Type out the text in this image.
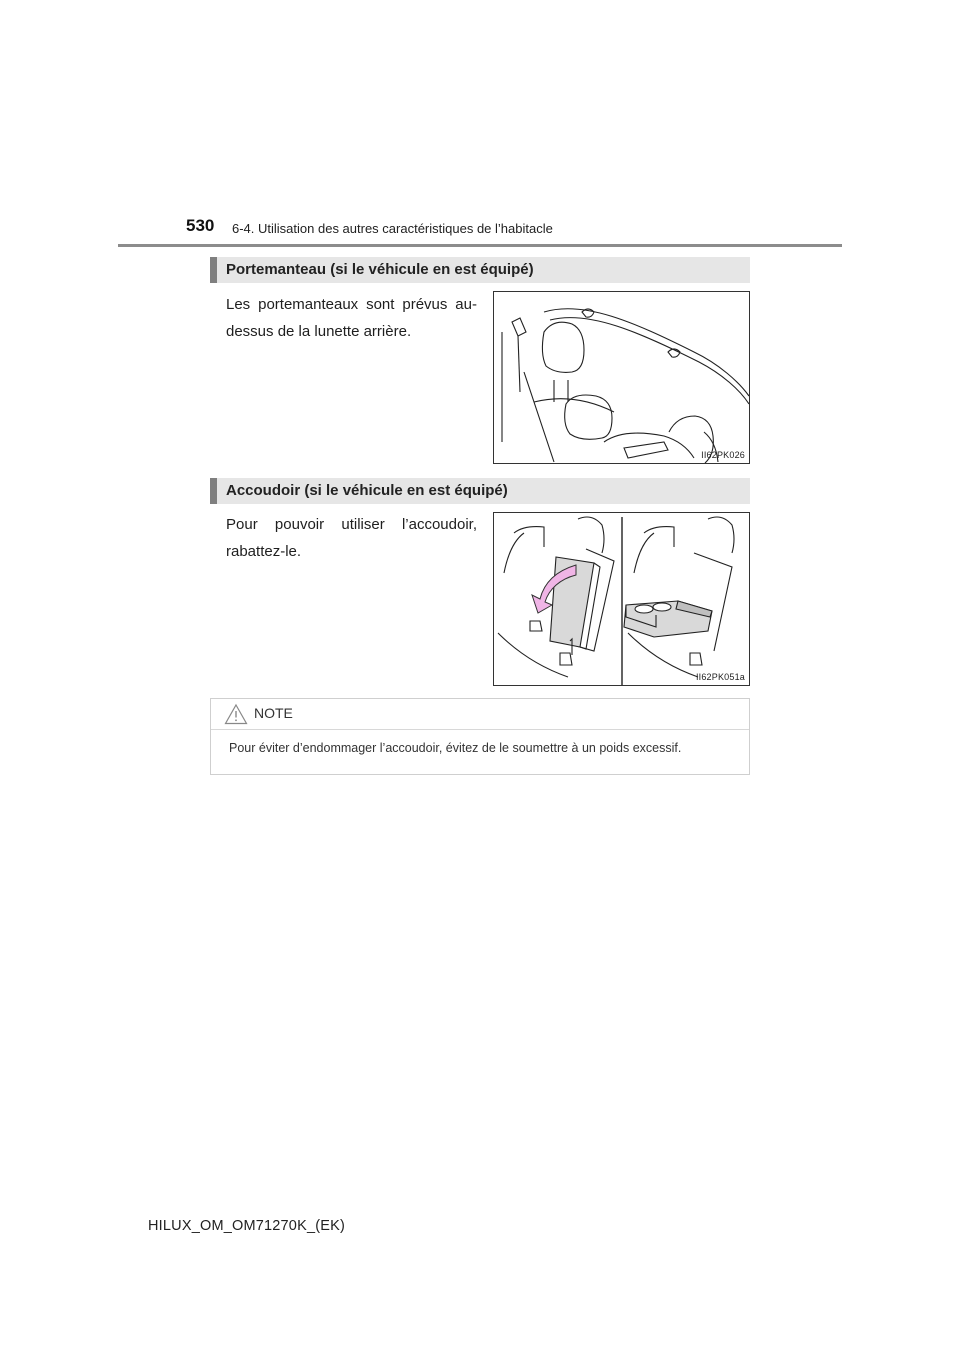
530 6-4. Utilisation des autres caractéristiques de l’habitacle
Portemanteau (si le véhicule en est équipé)
Les portemanteaux sont prévus au-dessus de la lunette arrière.
II62PK026
Accoudoir (si le véhicule en est équipé)
Pour pouvoir utiliser l’accoudoir, rabattez-le.
II62PK051a
NOTE
Pour éviter d’endommager l’accoudoir, évitez de le soumettre à un poids excessif.
HILUX_OM_OM71270K_(EK)
